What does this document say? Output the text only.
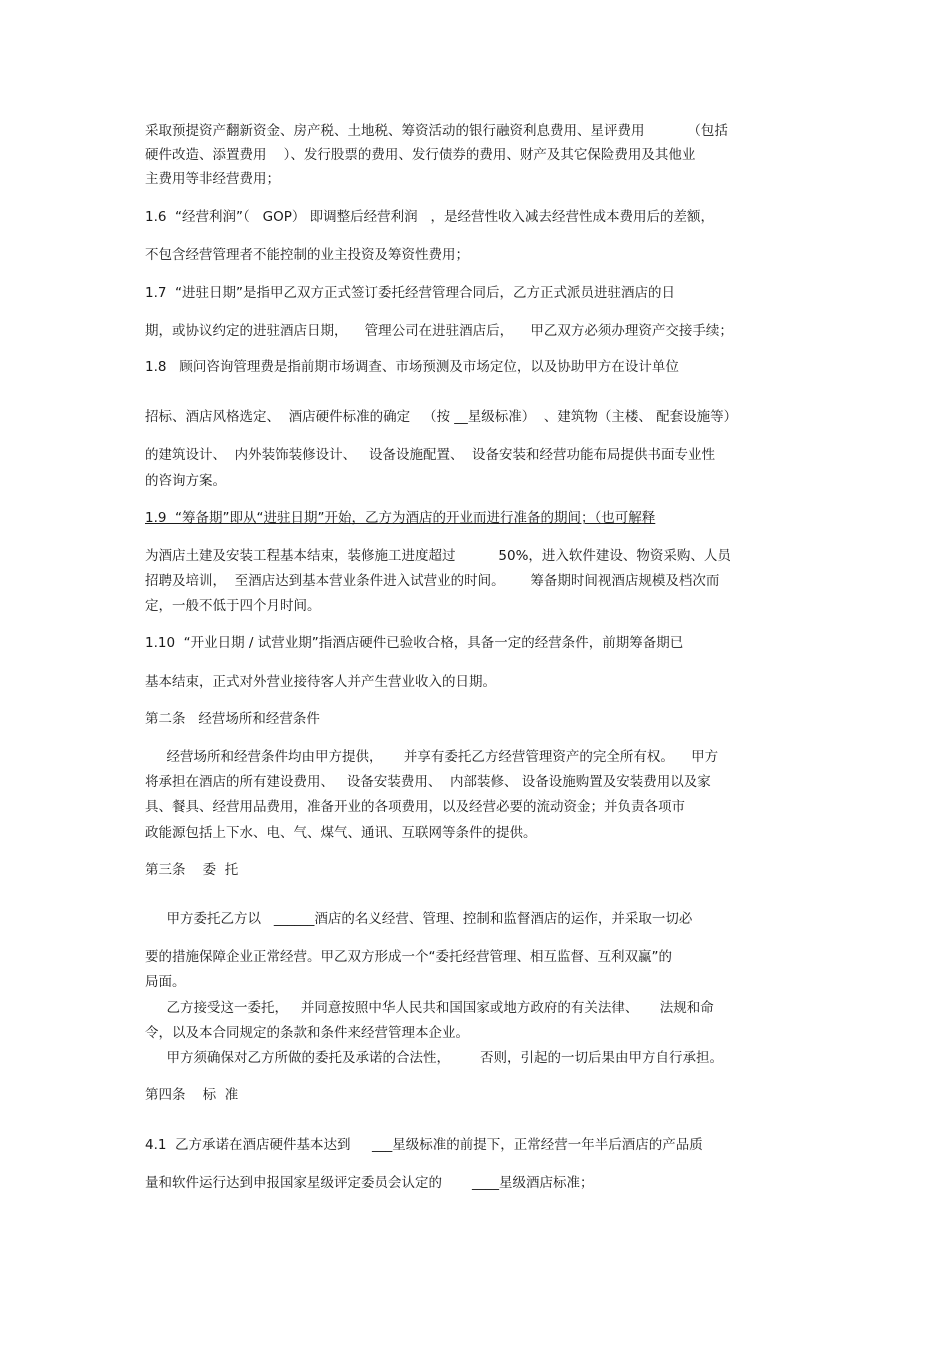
采取预提资产翻新资金、房产税、土地税、筹资活动的银行融资利息费用、星评费用          （包括

硬件改造、添置费用    ）、发行股票的费用、发行债券的费用、财产及其它保险费用及其他业

主费用等非经营费用；

1.6  “经营利润”（   GOP） 即调整后经营利润   ，是经营性收入减去经营性成本费用后的差额，

不包含经营管理者不能控制的业主投资及筹资性费用；

1.7  “进驻日期”是指甲乙双方正式签订委托经营管理合同后，乙方正式派员进驻酒店的日

期，或协议约定的进驻酒店日期，    管理公司在进驻酒店后，    甲乙双方必须办理资产交接手续；

1.8   顾问咨询管理费是指前期市场调查、市场预测及市场定位，以及协助甲方在设计单位

招标、酒店风格选定、  酒店硬件标准的确定   （按 __星级标准）  、建筑物（主楼、 配套设施等）

的建筑设计、  内外装饰装修设计、   设备设施配置、  设备安装和经营功能布局提供书面专业性

的咨询方案。

1.9  “筹备期”即从“进驻日期”开始，乙方为酒店的开业而进行准备的期间；（也可解释

为酒店土建及安装工程基本结束，装修施工进度超过          50%，进入软件建设、物资采购、人员

招聘及培训，  至酒店达到基本营业条件进入试营业的时间。      筹备期时间视酒店规模及档次而

定，一般不低于四个月时间。

1.10  “开业日期 / 试营业期”指酒店硬件已验收合格，具备一定的经营条件，前期筹备期已

基本结束，正式对外营业接待客人并产生营业收入的日期。

第二条   经营场所和经营条件

经营场所和经营条件均由甲方提供，     并享有委托乙方经营管理资产的完全所有权。    甲方

将承担在酒店的所有建设费用、   设备安装费用、  内部装修、 设备设施购置及安装费用以及家

具、餐具、经营用品费用，准备开业的各项费用，以及经营必要的流动资金；并负责各项市

政能源包括上下水、电、气、煤气、通讯、互联网等条件的提供。

第三条    委  托

甲方委托乙方以   ______酒店的名义经营、管理、控制和监督酒店的运作，并采取一切必

要的措施保障企业正常经营。甲乙双方形成一个“委托经营管理、相互监督、互利双赢”的

局面。

乙方接受这一委托，   并同意按照中华人民共和国国家或地方政府的有关法律、     法规和命

令，以及本合同规定的条款和条件来经营管理本企业。

甲方须确保对乙方所做的委托及承诺的合法性，       否则，引起的一切后果由甲方自行承担。

第四条    标  准

4.1  乙方承诺在酒店硬件基本达到     ___星级标准的前提下，正常经营一年半后酒店的产品质

量和软件运行达到申报国家星级评定委员会认定的       ____星级酒店标准；
